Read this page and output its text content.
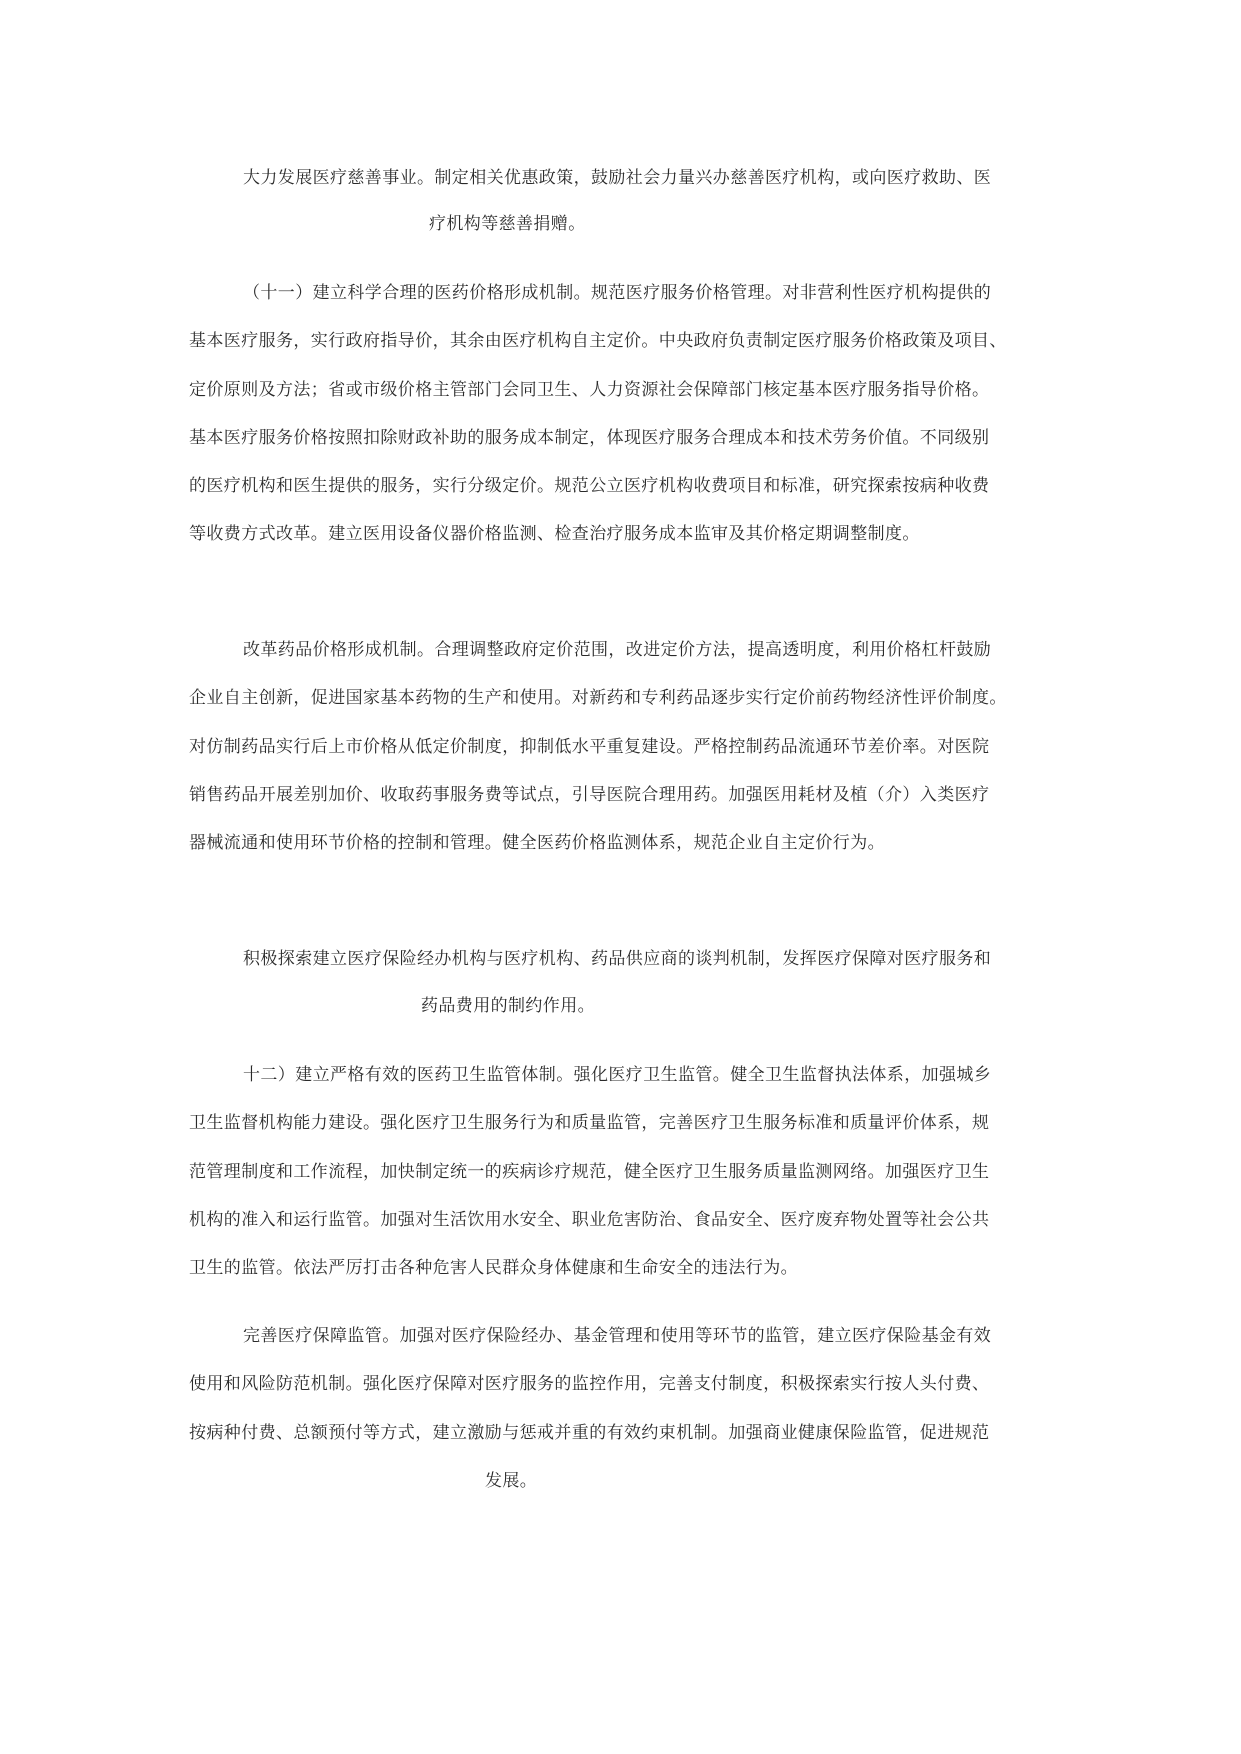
大力发展医疗慈善事业。制定相关优惠政策，鼓励社会力量兴办慈善医疗机构，或向医疗救助、医
疗机构等慈善捐赠。
（十一）建立科学合理的医药价格形成机制。规范医疗服务价格管理。对非营利性医疗机构提供的
基本医疗服务，实行政府指导价，其余由医疗机构自主定价。中央政府负责制定医疗服务价格政策及项目、
定价原则及方法；省或市级价格主管部门会同卫生、人力资源社会保障部门核定基本医疗服务指导价格。
基本医疗服务价格按照扣除财政补助的服务成本制定，体现医疗服务合理成本和技术劳务价值。不同级别
的医疗机构和医生提供的服务，实行分级定价。规范公立医疗机构收费项目和标准，研究探索按病种收费
等收费方式改革。建立医用设备仪器价格监测、检查治疗服务成本监审及其价格定期调整制度。
改革药品价格形成机制。合理调整政府定价范围，改进定价方法，提高透明度，利用价格杠杆鼓励
企业自主创新，促进国家基本药物的生产和使用。对新药和专利药品逐步实行定价前药物经济性评价制度。
对仿制药品实行后上市价格从低定价制度，抑制低水平重复建设。严格控制药品流通环节差价率。对医院
销售药品开展差别加价、收取药事服务费等试点，引导医院合理用药。加强医用耗材及植（介）入类医疗
器械流通和使用环节价格的控制和管理。健全医药价格监测体系，规范企业自主定价行为。
积极探索建立医疗保险经办机构与医疗机构、药品供应商的谈判机制，发挥医疗保障对医疗服务和
药品费用的制约作用。
十二）建立严格有效的医药卫生监管体制。强化医疗卫生监管。健全卫生监督执法体系，加强城乡
卫生监督机构能力建设。强化医疗卫生服务行为和质量监管，完善医疗卫生服务标准和质量评价体系，规
范管理制度和工作流程，加快制定统一的疾病诊疗规范，健全医疗卫生服务质量监测网络。加强医疗卫生
机构的准入和运行监管。加强对生活饮用水安全、职业危害防治、食品安全、医疗废弃物处置等社会公共
卫生的监管。依法严厉打击各种危害人民群众身体健康和生命安全的违法行为。
完善医疗保障监管。加强对医疗保险经办、基金管理和使用等环节的监管，建立医疗保险基金有效
使用和风险防范机制。强化医疗保障对医疗服务的监控作用，完善支付制度，积极探索实行按人头付费、
按病种付费、总额预付等方式，建立激励与惩戒并重的有效约束机制。加强商业健康保险监管，促进规范
发展。
